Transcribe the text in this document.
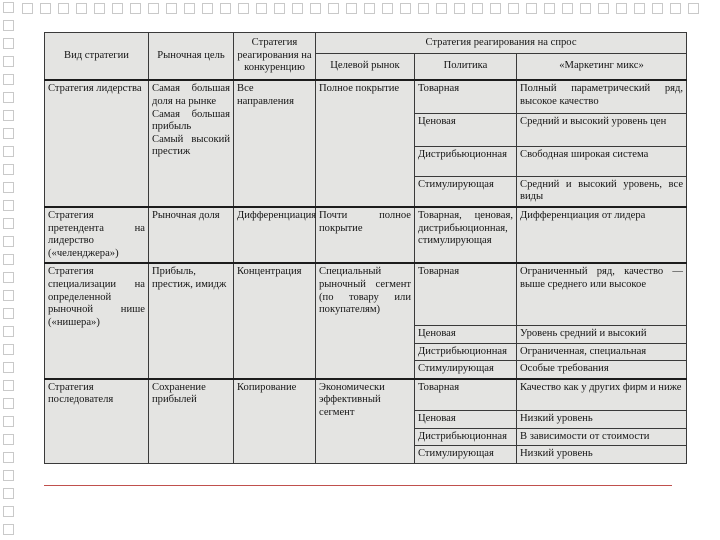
Вид стратегии	Рыночная цель	Стратегия реагирования на конкуренцию	Стратегия реагирования на спрос		
			Целевой рынок	Политика	«Маркетинг микс»
Стратегия лидерства	Самая большая доля на рынке
Самая большая прибыль
Самый высокий престиж	Все направления	Полное покрытие	Товарная	Полный параметрический ряд, высокое качество
				Ценовая	Средний и высокий уровень цен
				Дистрибьюционная	Свободная широкая система
				Стимулирующая	Средний и высокий уровень, все виды
Стратегия претендента на лидерство («челенджера»)	Рыночная доля	Дифференциация	Почти полное покрытие	Товарная, ценовая, дистрибьюционная, стимулирующая	Дифференциация от лидера
Стратегия специализации на определенной рыночной нише («нишера»)	Прибыль, престиж, имидж	Концентрация	Специальный рыночный сегмент (по товару или покупателям)	Товарная	Ограниченный ряд, качество — выше среднего или высокое
				Ценовая	Уровень средний и высокий
				Дистрибьюционная	Ограниченная, специальная
				Стимулирующая	Особые требования
Стратегия последователя	Сохранение прибылей	Копирование	Экономически эффективный сегмент	Товарная	Качество как у других фирм и ниже
				Ценовая	Низкий уровень
				Дистрибьюционная	В зависимости от стоимости
				Стимулирующая	Низкий уровень
